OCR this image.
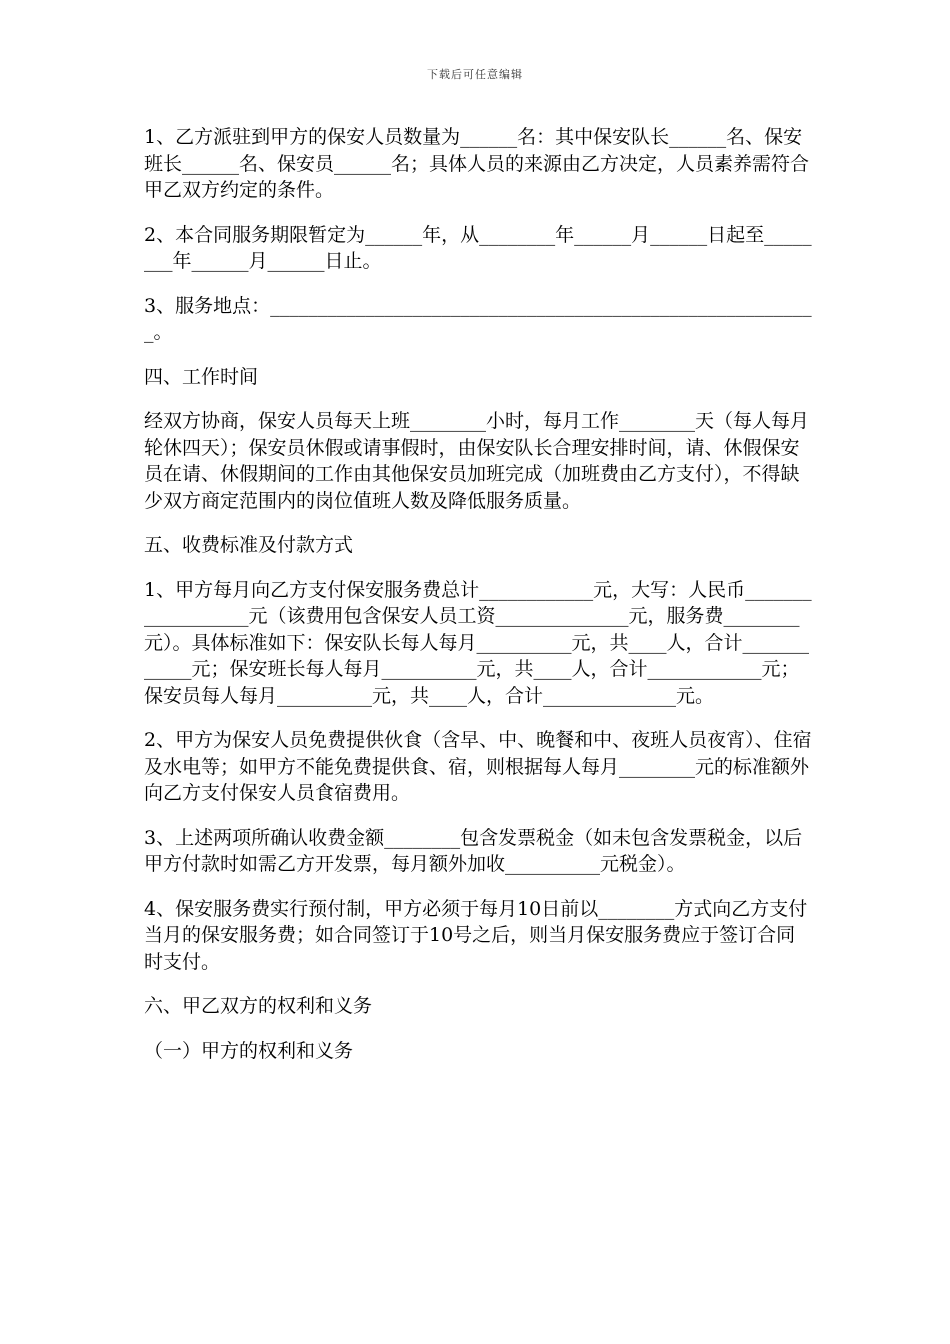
下载后可任意编辑

1、乙方派驻到甲方的保安人员数量为______名：其中保安队长______名、保安班长______名、保安员______名；具体人员的来源由乙方决定，人员素养需符合甲乙双方约定的条件。

2、本合同服务期限暂定为______年，从________年______月______日起至________年______月______日止。

3、服务地点：__________________________________________________________。

四、工作时间

经双方协商，保安人员每天上班________小时，每月工作________天（每人每月轮休四天）；保安员休假或请事假时，由保安队长合理安排时间，请、休假保安员在请、休假期间的工作由其他保安员加班完成（加班费由乙方支付），不得缺少双方商定范围内的岗位值班人数及降低服务质量。

五、收费标准及付款方式

1、甲方每月向乙方支付保安服务费总计____________元，大写：人民币__________________元（该费用包含保安人员工资______________元，服务费________元）。具体标准如下：保安队长每人每月__________元，共____人，合计____________元；保安班长每人每月__________元，共____人，合计____________元；保安员每人每月__________元，共____人，合计______________元。

2、甲方为保安人员免费提供伙食（含早、中、晚餐和中、夜班人员夜宵）、住宿及水电等；如甲方不能免费提供食、宿，则根据每人每月________元的标准额外向乙方支付保安人员食宿费用。

3、上述两项所确认收费金额________包含发票税金（如未包含发票税金，以后甲方付款时如需乙方开发票，每月额外加收__________元税金）。

4、保安服务费实行预付制，甲方必须于每月10日前以________方式向乙方支付当月的保安服务费；如合同签订于10号之后，则当月保安服务费应于签订合同时支付。

六、甲乙双方的权利和义务

（一）甲方的权利和义务
